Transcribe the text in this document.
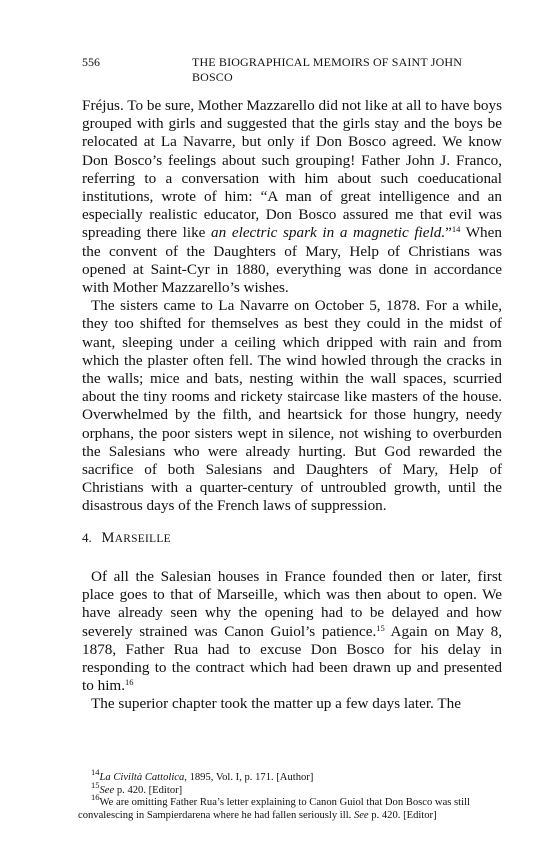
556	THE BIOGRAPHICAL MEMOIRS OF SAINT JOHN BOSCO

Fréjus. To be sure, Mother Mazzarello did not like at all to have boys grouped with girls and suggested that the girls stay and the boys be relocated at La Navarre, but only if Don Bosco agreed. We know Don Bosco’s feelings about such grouping! Father John J. Franco, referring to a conversation with him about such coeducational institutions, wrote of him: “A man of great intelligence and an especially realistic educator, Don Bosco assured me that evil was spreading there like an electric spark in a magnetic field.”$^{14}$ When the convent of the Daughters of Mary, Help of Christians was opened at Saint-Cyr in 1880, everything was done in accordance with Mother Mazzarello’s wishes.

The sisters came to La Navarre on October 5, 1878. For a while, they too shifted for themselves as best they could in the midst of want, sleeping under a ceiling which dripped with rain and from which the plaster often fell. The wind howled through the cracks in the walls; mice and bats, nesting within the wall spaces, scurried about the tiny rooms and rickety staircase like masters of the house. Overwhelmed by the filth, and heartsick for those hungry, needy orphans, the poor sisters wept in silence, not wishing to overburden the Salesians who were already hurting. But God rewarded the sacrifice of both Salesians and Daughters of Mary, Help of Christians with a quarter-century of untroubled growth, until the disastrous days of the French laws of suppression.

4. MARSEILLE

Of all the Salesian houses in France founded then or later, first place goes to that of Marseille, which was then about to open. We have already seen why the opening had to be delayed and how severely strained was Canon Guiol’s patience.$^{15}$ Again on May 8, 1878, Father Rua had to excuse Don Bosco for his delay in responding to the contract which had been drawn up and presented to him.$^{16}$

The superior chapter took the matter up a few days later. The

$^{14}$La Civiltà Cattolica, 1895, Vol. I, p. 171. [Author]

$^{15}$See p. 420. [Editor]

$^{16}$We are omitting Father Rua’s letter explaining to Canon Guiol that Don Bosco was still convalescing in Sampierdarena where he had fallen seriously ill. See p. 420. [Editor]
